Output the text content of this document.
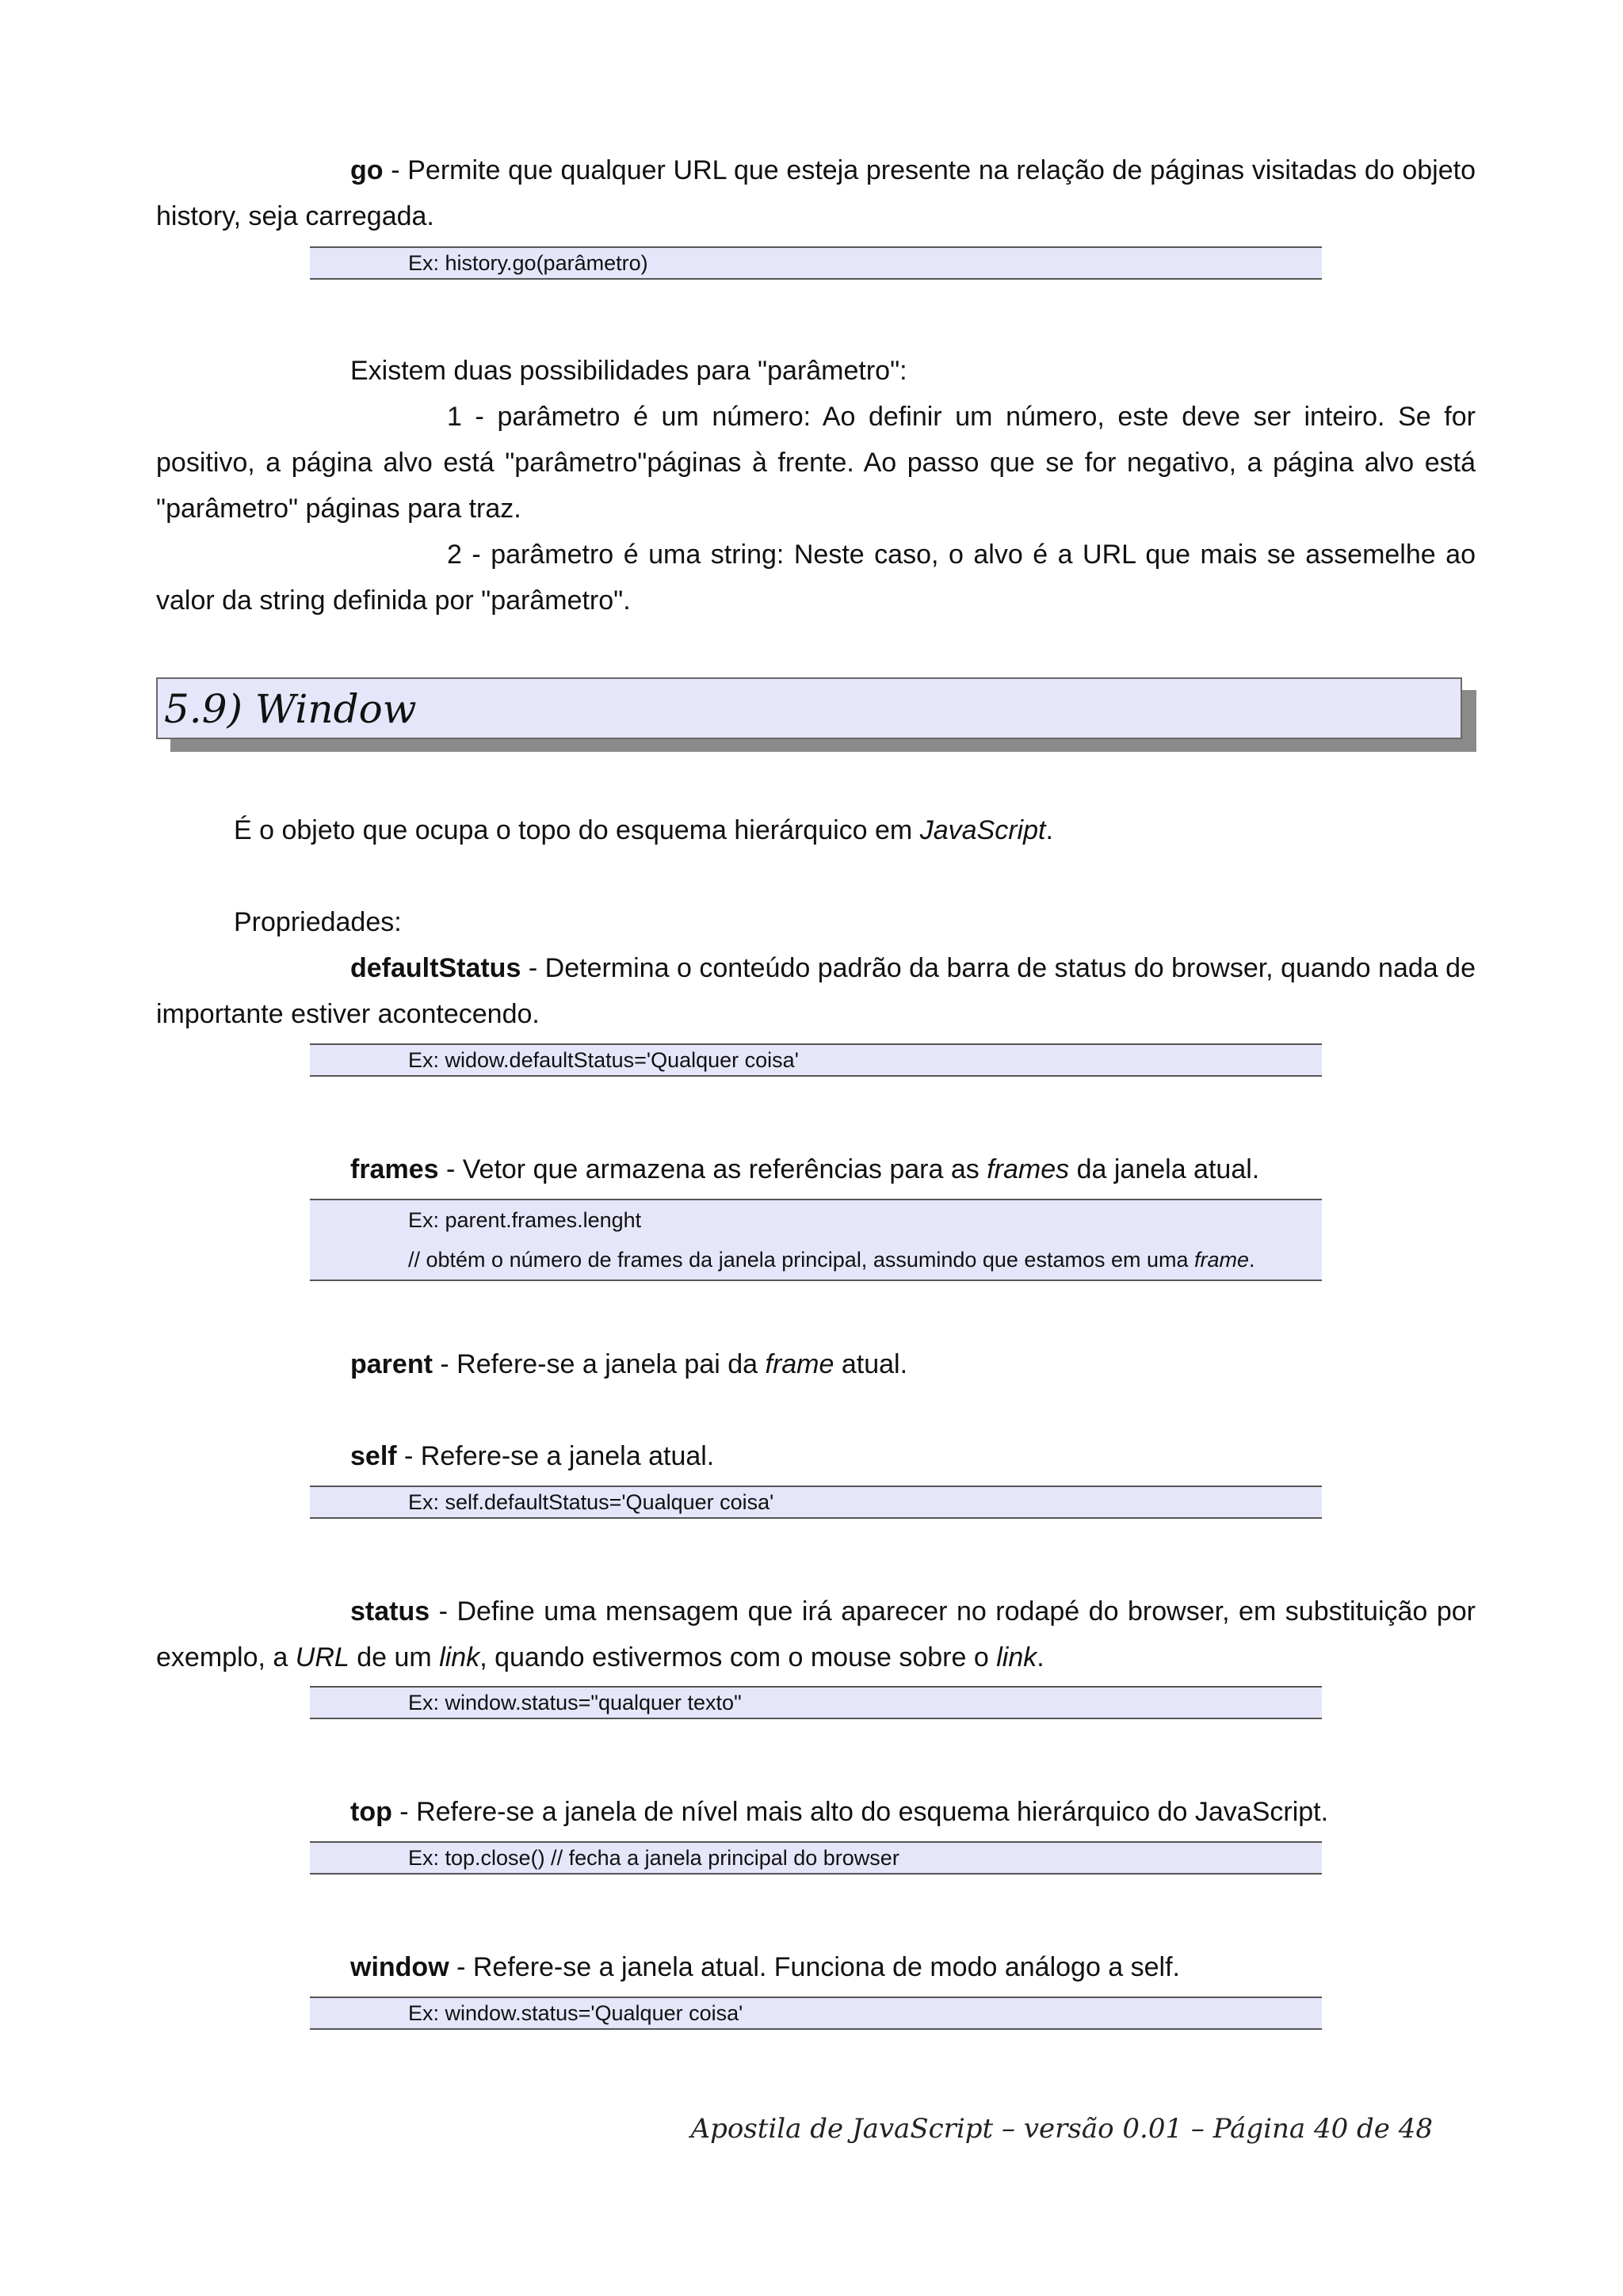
go - Permite que qualquer URL que esteja presente na relação de páginas visitadas do objeto history, seja carregada.

Ex: history.go(parâmetro)

Existem duas possibilidades para "parâmetro":

1 - parâmetro é um número: Ao definir um número, este deve ser inteiro. Se for positivo, a página alvo está "parâmetro"páginas à frente. Ao passo que se for negativo, a página alvo está "parâmetro" páginas para traz.

2 - parâmetro é uma string: Neste caso, o alvo é a URL que mais se assemelhe ao valor da string definida por "parâmetro".

5.9) Window

É o objeto que ocupa o topo do esquema hierárquico em JavaScript.

Propriedades:

defaultStatus - Determina o conteúdo padrão da barra de status do browser, quando nada de importante estiver acontecendo.

Ex: widow.defaultStatus='Qualquer coisa'

frames - Vetor que armazena as referências para as frames da janela atual.

Ex: parent.frames.lenght
// obtém o número de frames da janela principal, assumindo que estamos em uma frame.

parent - Refere-se a janela pai da frame atual.

self - Refere-se a janela atual.

Ex: self.defaultStatus='Qualquer coisa'

status - Define uma mensagem que irá aparecer no rodapé do browser, em substituição por exemplo, a URL de um link, quando estivermos com o mouse sobre o link.

Ex: window.status="qualquer texto"

top - Refere-se a janela de nível mais alto do esquema hierárquico do JavaScript.

Ex: top.close() // fecha a janela principal do browser

window - Refere-se a janela atual. Funciona de modo análogo a self.

Ex: window.status='Qualquer coisa'
Apostila de JavaScript – versão 0.01 – Página 40 de 48
